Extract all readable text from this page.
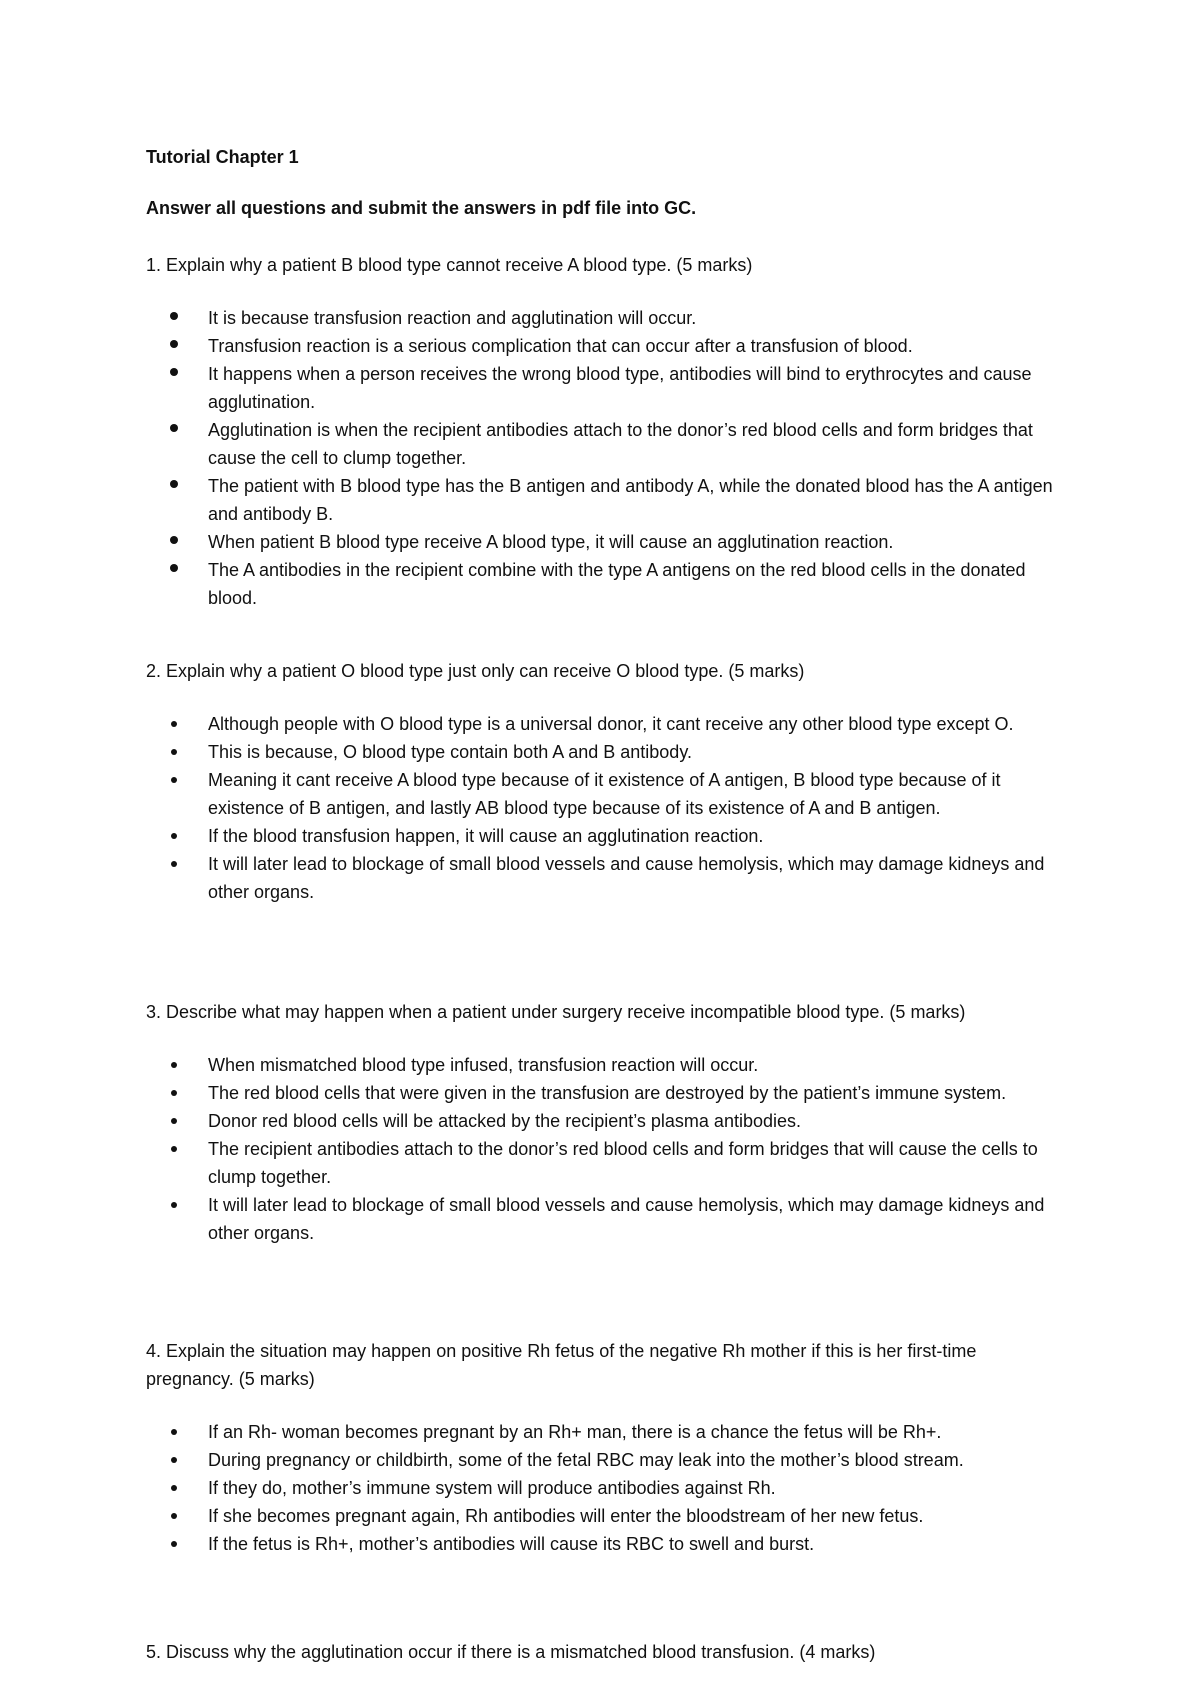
Tutorial Chapter 1

Answer all questions and submit the answers in pdf file into GC.

1. Explain why a patient B blood type cannot receive A blood type. (5 marks)

It is because transfusion reaction and agglutination will occur.
Transfusion reaction is a serious complication that can occur after a transfusion of blood.
It happens when a person receives the wrong blood type, antibodies will bind to erythrocytes and cause agglutination.
Agglutination is when the recipient antibodies attach to the donor’s red blood cells and form bridges that cause the cell to clump together.
The patient with B blood type has the B antigen and antibody A, while the donated blood has the A antigen and antibody B.
When patient B blood type receive A blood type, it will cause an agglutination reaction.
The A antibodies in the recipient combine with the type A antigens on the red blood cells in the donated blood.

2. Explain why a patient O blood type just only can receive O blood type. (5 marks)

Although people with O blood type is a universal donor, it cant receive any other blood type except O.
This is because, O blood type contain both A and B antibody.
Meaning it cant receive A blood type because of it existence of A antigen, B blood type because of it existence of B antigen, and lastly AB blood type because of its existence of A and B antigen.
If the blood transfusion happen, it will cause an agglutination reaction.
It will later lead to blockage of small blood vessels and cause hemolysis, which may damage kidneys and other organs.

3. Describe what may happen when a patient under surgery receive incompatible blood type. (5 marks)

When mismatched blood type infused, transfusion reaction will occur.
The red blood cells that were given in the transfusion are destroyed by the patient’s immune system.
Donor red blood cells will be attacked by the recipient’s plasma antibodies.
The recipient antibodies attach to the donor’s red blood cells and form bridges that will cause the cells to clump together.
It will later lead to blockage of small blood vessels and cause hemolysis, which may damage kidneys and other organs.

4. Explain the situation may happen on positive Rh fetus of the negative Rh mother if this is her first-time pregnancy. (5 marks)

If an Rh- woman becomes pregnant by an Rh+ man, there is a chance the fetus will be Rh+.
During pregnancy or childbirth, some of the fetal RBC may leak into the mother’s blood stream.
If they do, mother’s immune system will produce antibodies against Rh.
If she becomes pregnant again, Rh antibodies will enter the bloodstream of her new fetus.
If the fetus is Rh+, mother’s antibodies will cause its RBC to swell and burst.

5. Discuss why the agglutination occur if there is a mismatched blood transfusion. (4 marks)
